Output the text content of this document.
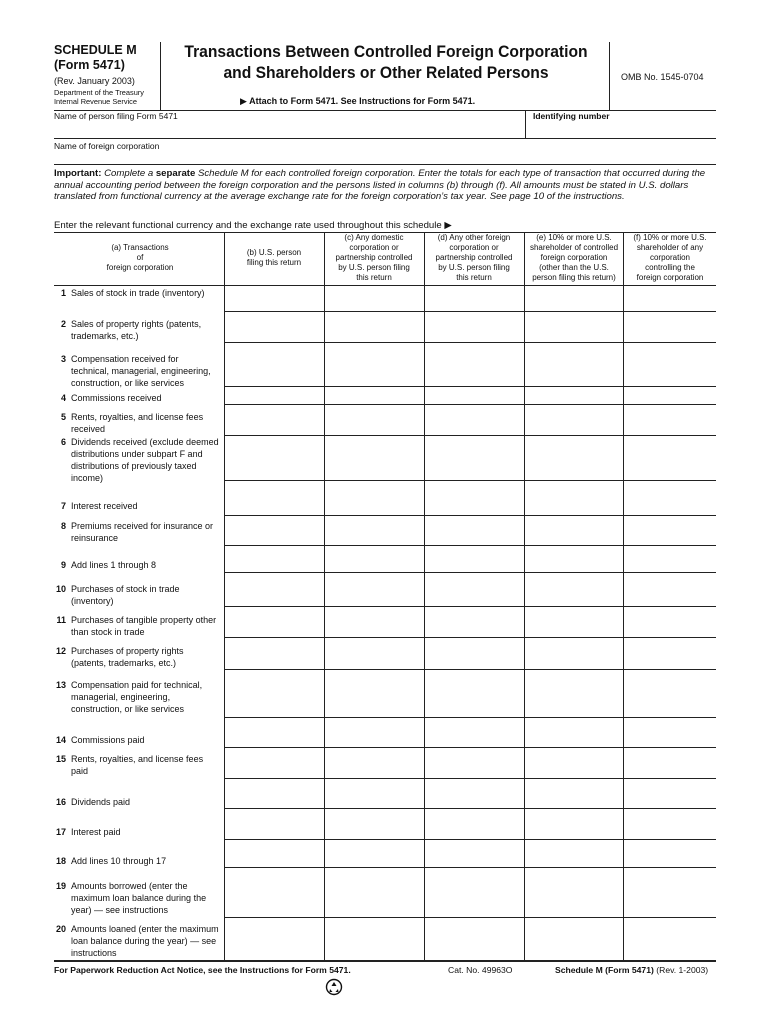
SCHEDULE M
(Form 5471)
(Rev. January 2003)
Department of the Treasury
Internal Revenue Service
Transactions Between Controlled Foreign Corporation
and Shareholders or Other Related Persons
▶ Attach to Form 5471. See Instructions for Form 5471.
OMB No. 1545-0704
Name of person filing Form 5471	Identifying number
Name of foreign corporation
Important: Complete a separate Schedule M for each controlled foreign corporation. Enter the totals for each type of transaction that occurred during the annual accounting period between the foreign corporation and the persons listed in columns (b) through (f). All amounts must be stated in U.S. dollars translated from functional currency at the average exchange rate for the foreign corporation’s tax year. See page 10 of the instructions.
Enter the relevant functional currency and the exchange rate used throughout this schedule ▶
(a) Transactions
of
foreign corporation
(b) U.S. person
filing this return
(c) Any domestic
corporation or
partnership controlled
by U.S. person filing
this return
(d) Any other foreign
corporation or
partnership controlled
by U.S. person filing
this return
(e) 10% or more U.S.
shareholder of controlled
foreign corporation
(other than the U.S.
person filing this return)
(f) 10% or more U.S.
shareholder of any
corporation
controlling the
foreign corporation
1 Sales of stock in trade (inventory)
2 Sales of property rights (patents, trademarks, etc.)
3 Compensation received for technical, managerial, engineering, construction, or like services
4 Commissions received
5 Rents, royalties, and license fees received
6 Dividends received (exclude deemed distributions under subpart F and distributions of previously taxed income)
7 Interest received
8 Premiums received for insurance or reinsurance
9 Add lines 1 through 8
10 Purchases of stock in trade (inventory)
11 Purchases of tangible property other than stock in trade
12 Purchases of property rights (patents, trademarks, etc.)
13 Compensation paid for technical, managerial, engineering, construction, or like services
14 Commissions paid
15 Rents, royalties, and license fees paid
16 Dividends paid
17 Interest paid
18 Add lines 10 through 17
19 Amounts borrowed (enter the maximum loan balance during the year) — see instructions
20 Amounts loaned (enter the maximum loan balance during the year) — see instructions
For Paperwork Reduction Act Notice, see the Instructions for Form 5471.	Cat. No. 49963O	Schedule M (Form 5471) (Rev. 1-2003)
